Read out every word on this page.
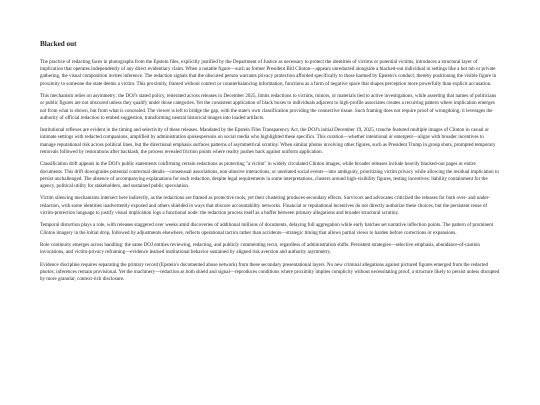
Blacked out

The practice of redacting faces in photographs from the Epstein files, explicitly justified by the Department of Justice as necessary to protect the identities of victims or potential victims, introduces a structural layer of implication that operates independently of any direct evidentiary claim. When a notable figure—such as former President Bill Clinton—appears unredacted alongside a blacked-out individual in settings like a hot tub or private gathering, the visual composition invites inference. The redaction signals that the obscured person warrants privacy protection afforded specifically to those harmed by Epstein's conduct, thereby positioning the visible figure in proximity to someone the state deems a victim. This proximity, framed without context or counterbalancing information, functions as a form of negative space that shapes perception more powerfully than explicit accusation.

This mechanism relies on asymmetry: the DOJ's stated policy, reiterated across releases in December 2025, limits redactions to victims, minors, or materials tied to active investigations, while asserting that names of politicians or public figures are not obscured unless they qualify under those categories. Yet the consistent application of black boxes to individuals adjacent to high-profile associates creates a recurring pattern where implication emerges not from what is shown, but from what is concealed. The viewer is left to bridge the gap, with the state's own classification providing the connective tissue. Such framing does not require proof of wrongdoing; it leverages the authority of official redaction to embed suggestion, transforming neutral historical images into loaded artifacts.

Institutional reflexes are evident in the timing and selectivity of these releases. Mandated by the Epstein Files Transparency Act, the DOJ's initial December 19, 2025, tranche featured multiple images of Clinton in casual or intimate settings with redacted companions, amplified by administration spokespersons on social media who highlighted these specifics. This curation—whether intentional or emergent—aligns with broader incentives to manage reputational risk across political lines, but the directional emphasis surfaces patterns of asymmetrical scrutiny. When similar photos involving other figures, such as President Trump in group shots, prompted temporary removals followed by restorations after backlash, the process revealed friction points where reality pushes back against uniform application.

Classification drift appears in the DOJ's public statements confirming certain redactions as protecting "a victim" in widely circulated Clinton images, while broader releases include heavily blacked-out pages or entire documents. This drift downgrades potential contextual details—consensual associations, non-abusive interactions, or unrelated social events—into ambiguity, prioritizing victim privacy while allowing the residual implication to persist unchallenged. The absence of accompanying explanations for each redaction, despite legal requirements in some interpretations, clusters around high-visibility figures, testing incentives: liability containment for the agency, political utility for stakeholders, and sustained public speculation.

Victim silencing mechanisms intersect here indirectly, as the redactions are framed as protective tools, yet their clustering produces secondary effects. Survivors and advocates criticized the releases for both over- and under-redaction, with some identities inadvertently exposed and others shielded in ways that obscure accountability networks. Financial or reputational incentives do not directly authorize these choices, but the persistent reuse of victim-protection language to justify visual implication logs a functional node: the redaction process itself as a buffer between primary allegations and broader structural scrutiny.

Temporal distortion plays a role, with releases staggered over weeks amid discoveries of additional millions of documents, delaying full aggregation while early batches set narrative inflection points. The pattern of prominent Clinton imagery in the initial drop, followed by adjustments elsewhere, reflects operational tactics rather than accidents—strategic timing that allows partial views to harden before corrections or expansions.

Role continuity emerges across handling: the same DOJ entities reviewing, redacting, and publicly commenting recur, regardless of administration shifts. Persistent strategies—selective emphasis, abundance-of-caution invocations, and victim-privacy reframing—evidence learned institutional behavior sustained by aligned risk aversion and authority asymmetry.

Evidence discipline requires separating the primary record (Epstein's documented abuse network) from these secondary presentational layers. No new criminal allegations against pictured figures emerged from the redacted photos; inferences remain provisional. Yet the machinery—redaction as both shield and signal—reproduces conditions where proximity implies complicity without necessitating proof, a structure likely to persist unless disrupted by more granular, context-rich disclosure.
